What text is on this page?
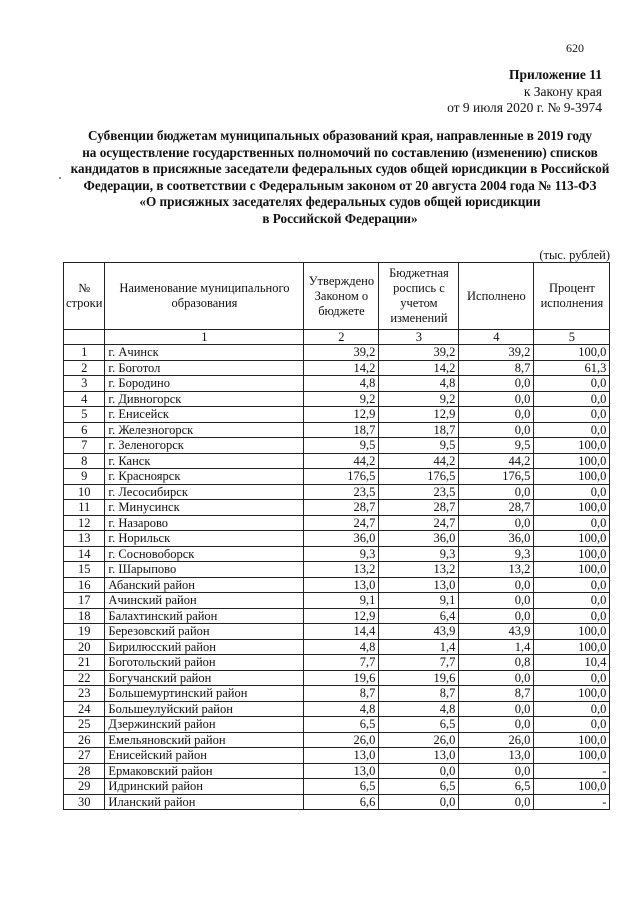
620
Приложение 11
к Закону края
от 9 июля 2020 г. № 9-3974
Субвенции бюджетам муниципальных образований края, направленные в 2019 году
на осуществление государственных полномочий по составлению (изменению) списков
кандидатов в присяжные заседатели федеральных судов общей юрисдикции в Российской
Федерации, в соответствии с Федеральным законом от 20 августа 2004 года № 113-ФЗ
«О присяжных заседателях федеральных судов общей юрисдикции
в Российской Федерации»
(тыс. рублей)
№ строки	Наименование муниципального образования	Утверждено Законом о бюджете	Бюджетная роспись с учетом изменений	Исполнено	Процент исполнения
	1	2	3	4	5
1	г. Ачинск	39,2	39,2	39,2	100,0
2	г. Боготол	14,2	14,2	8,7	61,3
3	г. Бородино	4,8	4,8	0,0	0,0
4	г. Дивногорск	9,2	9,2	0,0	0,0
5	г. Енисейск	12,9	12,9	0,0	0,0
6	г. Железногорск	18,7	18,7	0,0	0,0
7	г. Зеленогорск	9,5	9,5	9,5	100,0
8	г. Канск	44,2	44,2	44,2	100,0
9	г. Красноярск	176,5	176,5	176,5	100,0
10	г. Лесосибирск	23,5	23,5	0,0	0,0
11	г. Минусинск	28,7	28,7	28,7	100,0
12	г. Назарово	24,7	24,7	0,0	0,0
13	г. Норильск	36,0	36,0	36,0	100,0
14	г. Сосновоборск	9,3	9,3	9,3	100,0
15	г. Шарыпово	13,2	13,2	13,2	100,0
16	Абанский район	13,0	13,0	0,0	0,0
17	Ачинский район	9,1	9,1	0,0	0,0
18	Балахтинский район	12,9	6,4	0,0	0,0
19	Березовский район	14,4	43,9	43,9	100,0
20	Бирилюсский район	4,8	1,4	1,4	100,0
21	Боготольский район	7,7	7,7	0,8	10,4
22	Богучанский район	19,6	19,6	0,0	0,0
23	Большемуртинский район	8,7	8,7	8,7	100,0
24	Большеулуйский район	4,8	4,8	0,0	0,0
25	Дзержинский район	6,5	6,5	0,0	0,0
26	Емельяновский район	26,0	26,0	26,0	100,0
27	Енисейский район	13,0	13,0	13,0	100,0
28	Ермаковский район	13,0	0,0	0,0	-
29	Идринский район	6,5	6,5	6,5	100,0
30	Иланский район	6,6	0,0	0,0	-
